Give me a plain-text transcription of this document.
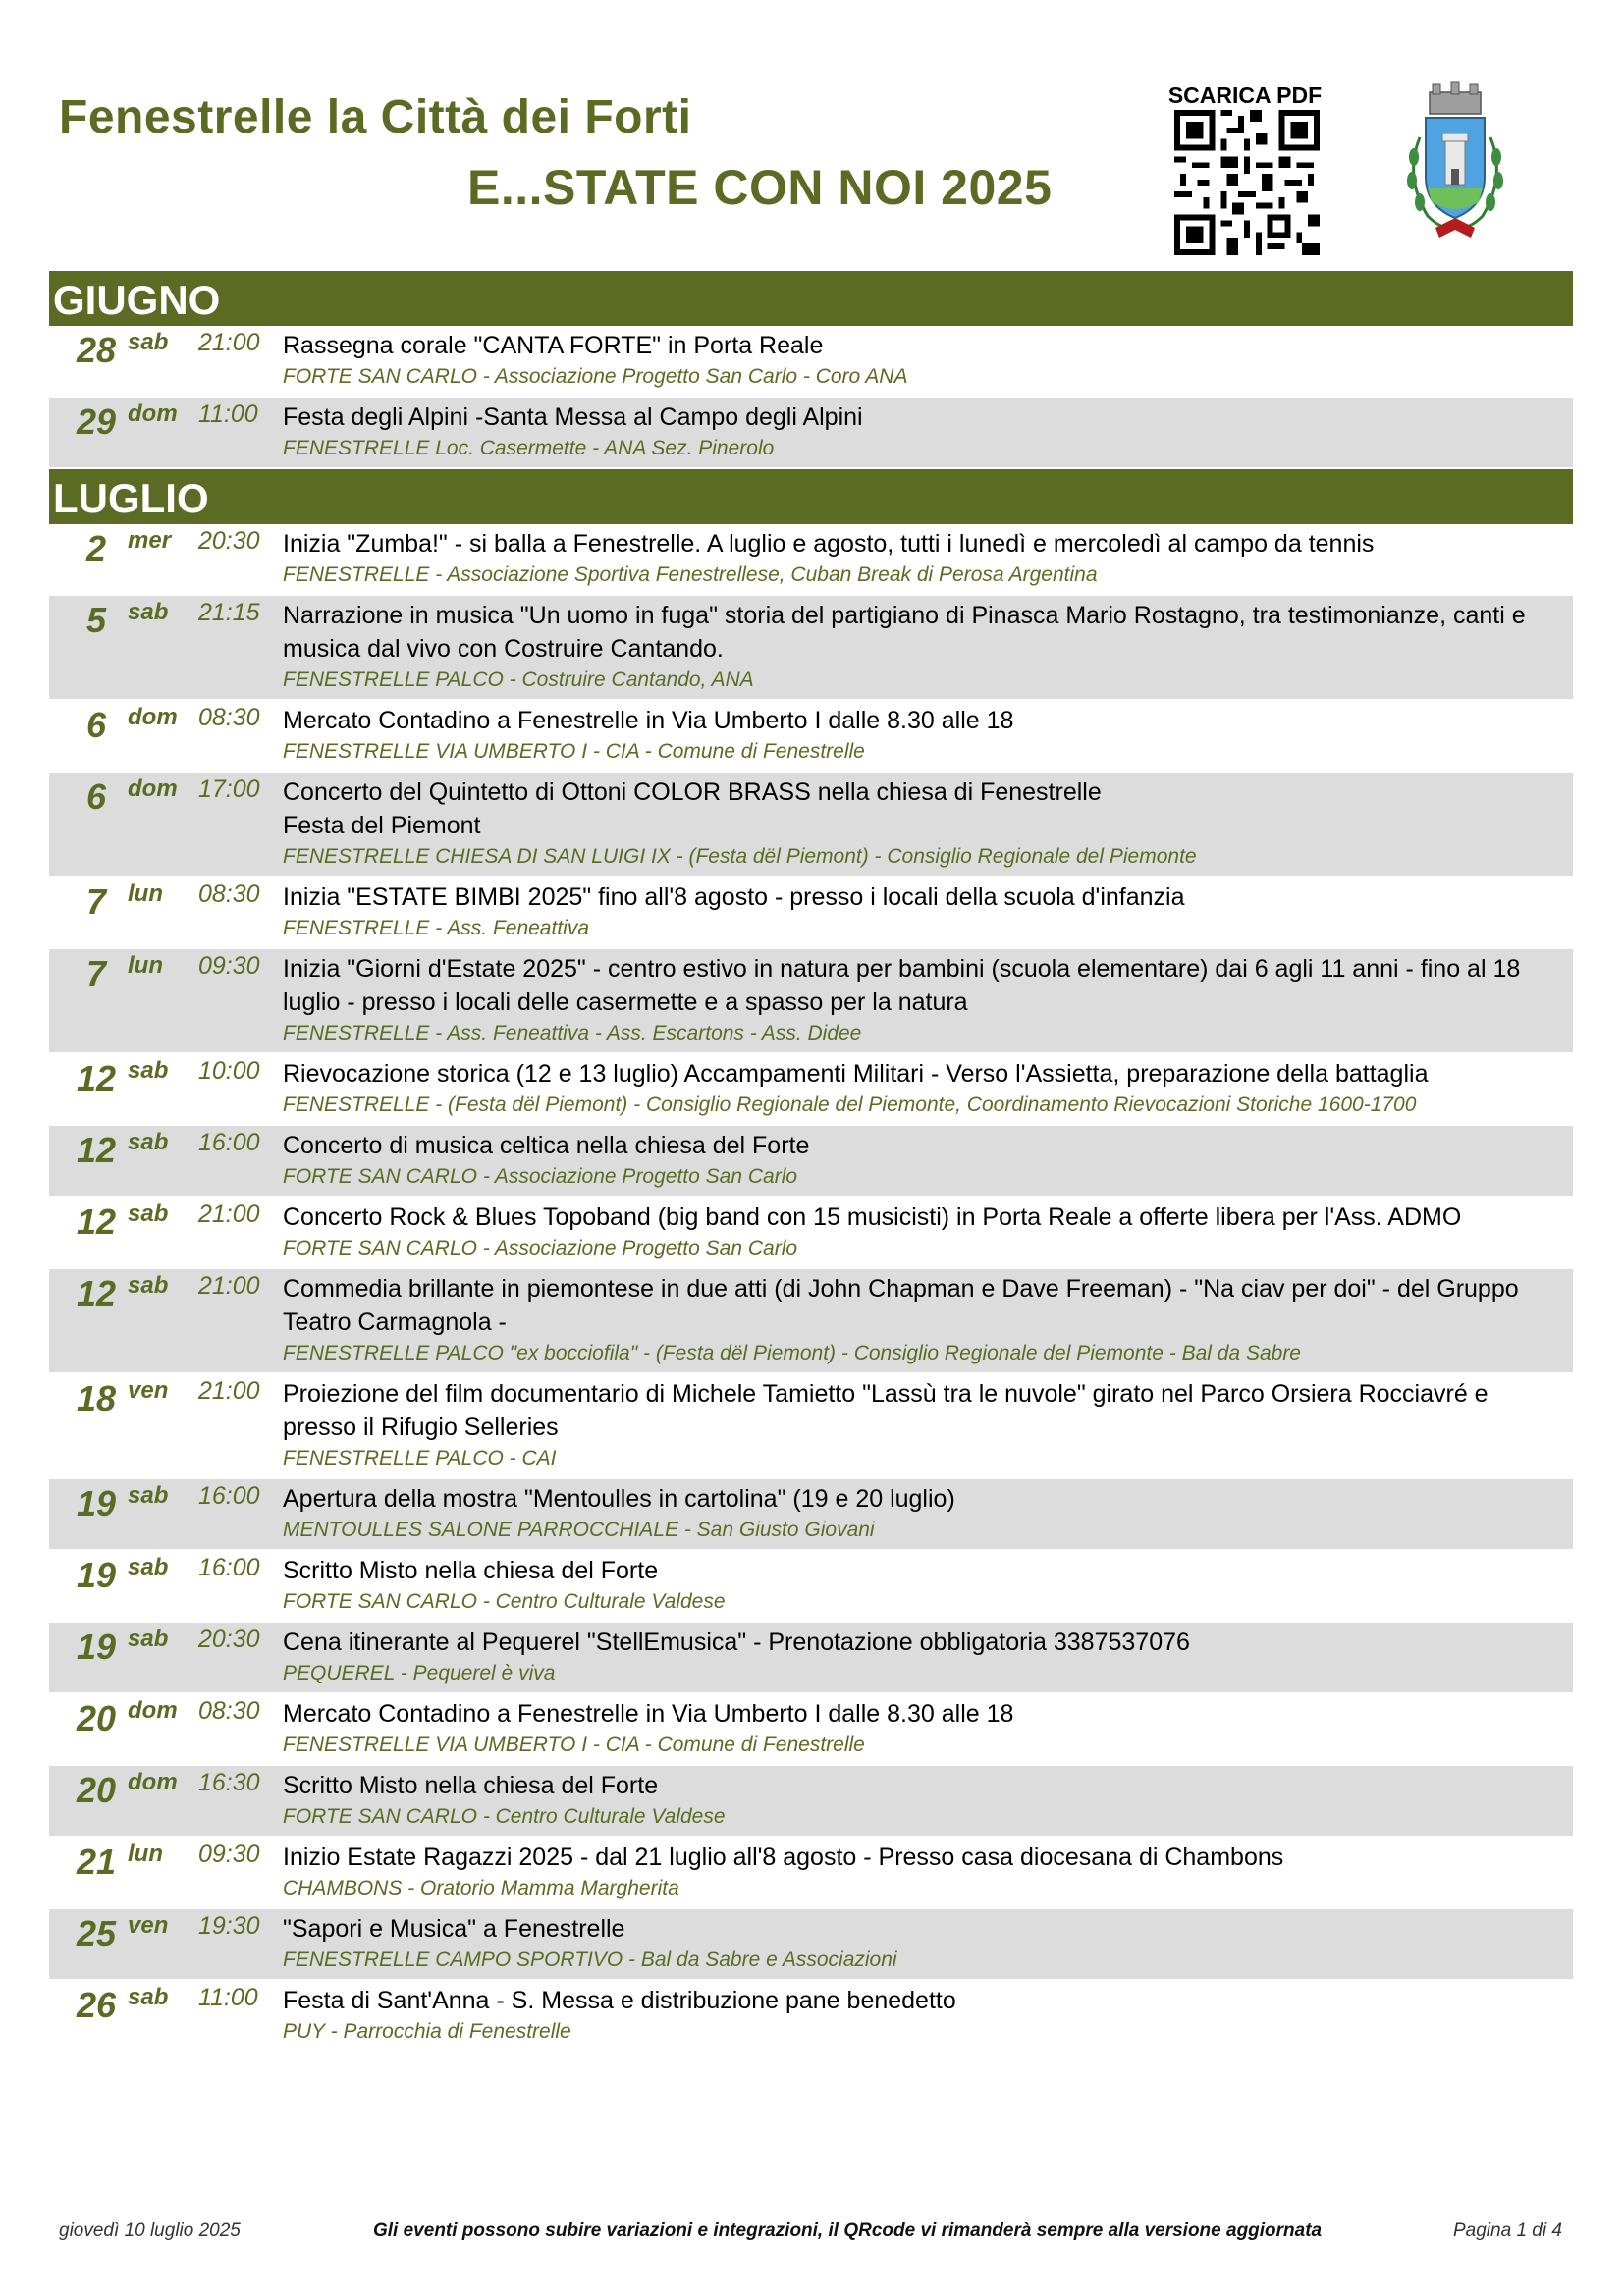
Fenestrelle la Città dei Forti
E...STATE CON NOI 2025
SCARICA PDF
GIUGNO
28 sab 21:00 Rassegna corale "CANTA FORTE" in Porta Reale
FORTE SAN CARLO - Associazione Progetto San Carlo - Coro ANA
29 dom 11:00 Festa degli Alpini -Santa Messa al Campo degli Alpini
FENESTRELLE Loc. Casermette - ANA Sez. Pinerolo
LUGLIO
2 mer 20:30 Inizia "Zumba!" - si balla a Fenestrelle. A luglio e agosto, tutti i lunedì e mercoledì al campo da tennis
FENESTRELLE - Associazione Sportiva Fenestrellese, Cuban Break di Perosa Argentina
5 sab 21:15 Narrazione in musica "Un uomo in fuga" storia del partigiano di Pinasca Mario Rostagno, tra testimonianze, canti e musica dal vivo con Costruire Cantando.
FENESTRELLE PALCO - Costruire Cantando, ANA
6 dom 08:30 Mercato Contadino a Fenestrelle in Via Umberto I dalle 8.30 alle 18
FENESTRELLE VIA UMBERTO I - CIA - Comune di Fenestrelle
6 dom 17:00 Concerto del Quintetto di Ottoni COLOR BRASS nella chiesa di Fenestrelle
Festa del Piemont
FENESTRELLE CHIESA DI SAN LUIGI IX - (Festa dël Piemont) - Consiglio Regionale del Piemonte
7 lun 08:30 Inizia "ESTATE BIMBI 2025" fino all'8 agosto - presso i locali della scuola d'infanzia
FENESTRELLE - Ass. Feneattiva
7 lun 09:30 Inizia "Giorni d'Estate 2025" - centro estivo in natura per bambini (scuola elementare) dai 6 agli 11 anni - fino al 18 luglio - presso i locali delle casermette e a spasso per la natura
FENESTRELLE - Ass. Feneattiva - Ass. Escartons - Ass. Didee
12 sab 10:00 Rievocazione storica (12 e 13 luglio) Accampamenti Militari - Verso l'Assietta, preparazione della battaglia
FENESTRELLE - (Festa dël Piemont) - Consiglio Regionale del Piemonte, Coordinamento Rievocazioni Storiche 1600-1700
12 sab 16:00 Concerto di musica celtica nella chiesa del Forte
FORTE SAN CARLO - Associazione Progetto San Carlo
12 sab 21:00 Concerto Rock & Blues Topoband (big band con 15 musicisti) in Porta Reale a offerte libera per l'Ass. ADMO
FORTE SAN CARLO - Associazione Progetto San Carlo
12 sab 21:00 Commedia brillante in piemontese in due atti (di John Chapman e Dave Freeman) - "Na ciav per doi" - del Gruppo Teatro Carmagnola -
FENESTRELLE PALCO "ex bocciofila" - (Festa dël Piemont) - Consiglio Regionale del Piemonte - Bal da Sabre
18 ven 21:00 Proiezione del film documentario di Michele Tamietto "Lassù tra le nuvole" girato nel Parco Orsiera Rocciavré e presso il Rifugio Selleries
FENESTRELLE PALCO - CAI
19 sab 16:00 Apertura della mostra "Mentoulles in cartolina" (19 e 20 luglio)
MENTOULLES SALONE PARROCCHIALE - San Giusto Giovani
19 sab 16:00 Scritto Misto nella chiesa del Forte
FORTE SAN CARLO - Centro Culturale Valdese
19 sab 20:30 Cena itinerante al Pequerel "StellEmusica" - Prenotazione obbligatoria 3387537076
PEQUEREL - Pequerel è viva
20 dom 08:30 Mercato Contadino a Fenestrelle in Via Umberto I dalle 8.30 alle 18
FENESTRELLE VIA UMBERTO I - CIA - Comune di Fenestrelle
20 dom 16:30 Scritto Misto nella chiesa del Forte
FORTE SAN CARLO - Centro Culturale Valdese
21 lun 09:30 Inizio Estate Ragazzi 2025 - dal 21 luglio all'8 agosto - Presso casa diocesana di Chambons
CHAMBONS - Oratorio Mamma Margherita
25 ven 19:30 "Sapori e Musica" a Fenestrelle
FENESTRELLE CAMPO SPORTIVO - Bal da Sabre e Associazioni
26 sab 11:00 Festa di Sant'Anna - S. Messa e distribuzione pane benedetto
PUY - Parrocchia di Fenestrelle
giovedì 10 luglio 2025	Gli eventi possono subire variazioni e integrazioni, il QRcode vi rimanderà sempre alla versione aggiornata	Pagina 1 di 4
